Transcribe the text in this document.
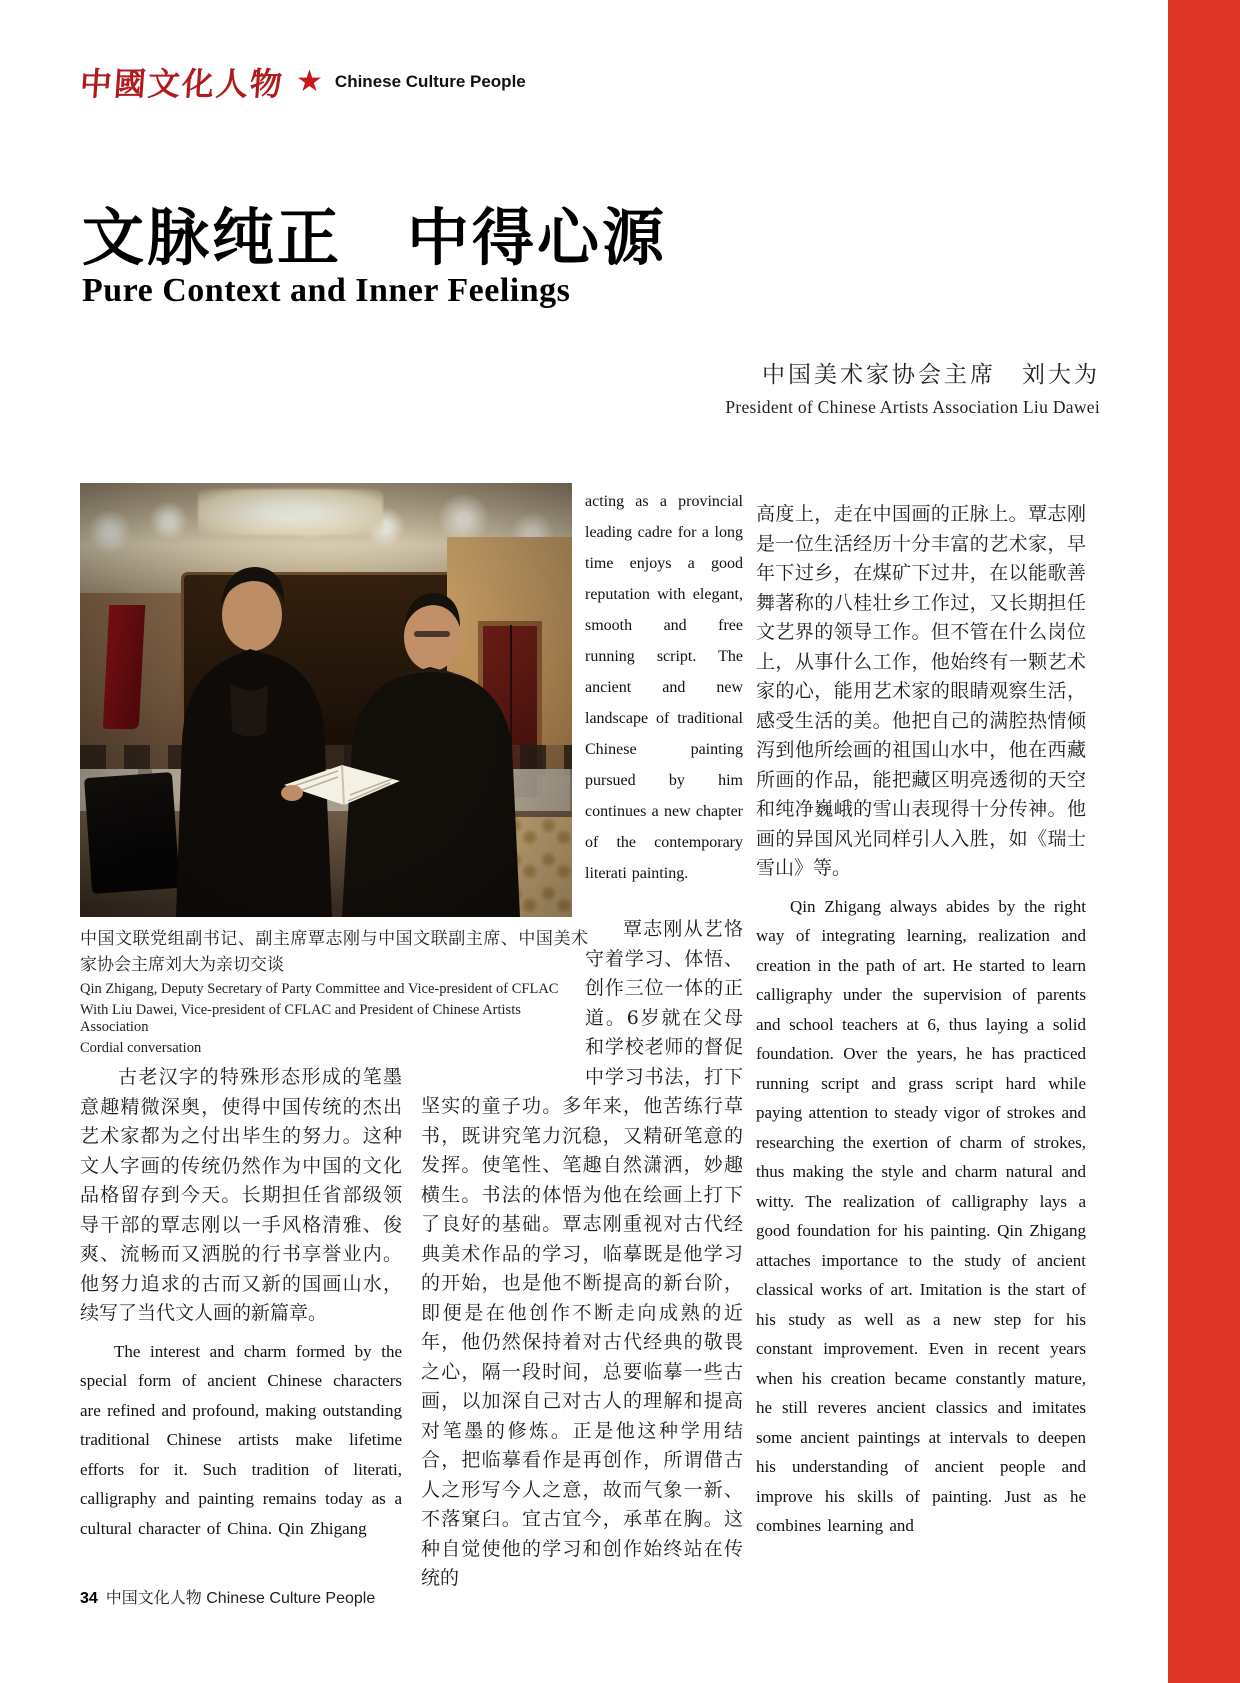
中國文化人物 ★ Chinese Culture People
文脉纯正　中得心源
Pure Context and Inner Feelings
中国美术家协会主席　刘大为
President of Chinese Artists Association Liu Dawei
中国文联党组副书记、副主席覃志刚与中国文联副主席、中国美术家协会主席刘大为亲切交谈
Qin Zhigang, Deputy Secretary of Party Committee and Vice-president of CFLAC
With Liu Dawei, Vice-president of CFLAC and President of Chinese Artists Association
Cordial conversation

古老汉字的特殊形态形成的笔墨意趣精微深奥，使得中国传统的杰出艺术家都为之付出毕生的努力。这种文人字画的传统仍然作为中国的文化品格留存到今天。长期担任省部级领导干部的覃志刚以一手风格清雅、俊爽、流畅而又洒脱的行书享誉业内。他努力追求的古而又新的国画山水，续写了当代文人画的新篇章。

The interest and charm formed by the special form of ancient Chinese characters are refined and profound, making outstanding traditional Chinese artists make lifetime efforts for it. Such tradition of literati, calligraphy and painting remains today as a cultural character of China. Qin Zhigang

acting as a provincial leading cadre for a long time enjoys a good reputation with elegant, smooth and free running script. The ancient and new landscape of traditional Chinese painting pursued by him continues a new chapter of the contemporary literati painting.

覃志刚从艺恪守着学习、体悟、创作三位一体的正道。6岁就在父母和学校老师的督促中学习书法，打下坚实的童子功。多年来，他苦练行草书，既讲究笔力沉稳，又精研笔意的发挥。使笔性、笔趣自然潇洒，妙趣横生。书法的体悟为他在绘画上打下了良好的基础。覃志刚重视对古代经典美术作品的学习，临摹既是他学习的开始，也是他不断提高的新台阶，即便是在他创作不断走向成熟的近年，他仍然保持着对古代经典的敬畏之心，隔一段时间，总要临摹一些古画，以加深自己对古人的理解和提高对笔墨的修炼。正是他这种学用结合，把临摹看作是再创作，所谓借古人之形写今人之意，故而气象一新、不落窠臼。宜古宜今，承革在胸。这种自觉使他的学习和创作始终站在传统的

高度上，走在中国画的正脉上。覃志刚是一位生活经历十分丰富的艺术家，早年下过乡，在煤矿下过井，在以能歌善舞著称的八桂壮乡工作过，又长期担任文艺界的领导工作。但不管在什么岗位上，从事什么工作，他始终有一颗艺术家的心，能用艺术家的眼睛观察生活，感受生活的美。他把自己的满腔热情倾泻到他所绘画的祖国山水中，他在西藏所画的作品，能把藏区明亮透彻的天空和纯净巍峨的雪山表现得十分传神。他画的异国风光同样引人入胜，如《瑞士雪山》等。

Qin Zhigang always abides by the right way of integrating learning, realization and creation in the path of art. He started to learn calligraphy under the supervision of parents and school teachers at 6, thus laying a solid foundation. Over the years, he has practiced running script and grass script hard while paying attention to steady vigor of strokes and researching the exertion of charm of strokes, thus making the style and charm natural and witty. The realization of calligraphy lays a good foundation for his painting. Qin Zhigang attaches importance to the study of ancient classical works of art. Imitation is the start of his study as well as a new step for his constant improvement. Even in recent years when his creation became constantly mature, he still reveres ancient classics and imitates some ancient paintings at intervals to deepen his understanding of ancient people and improve his skills of painting. Just as he combines learning and

34 中国文化人物 Chinese Culture People
